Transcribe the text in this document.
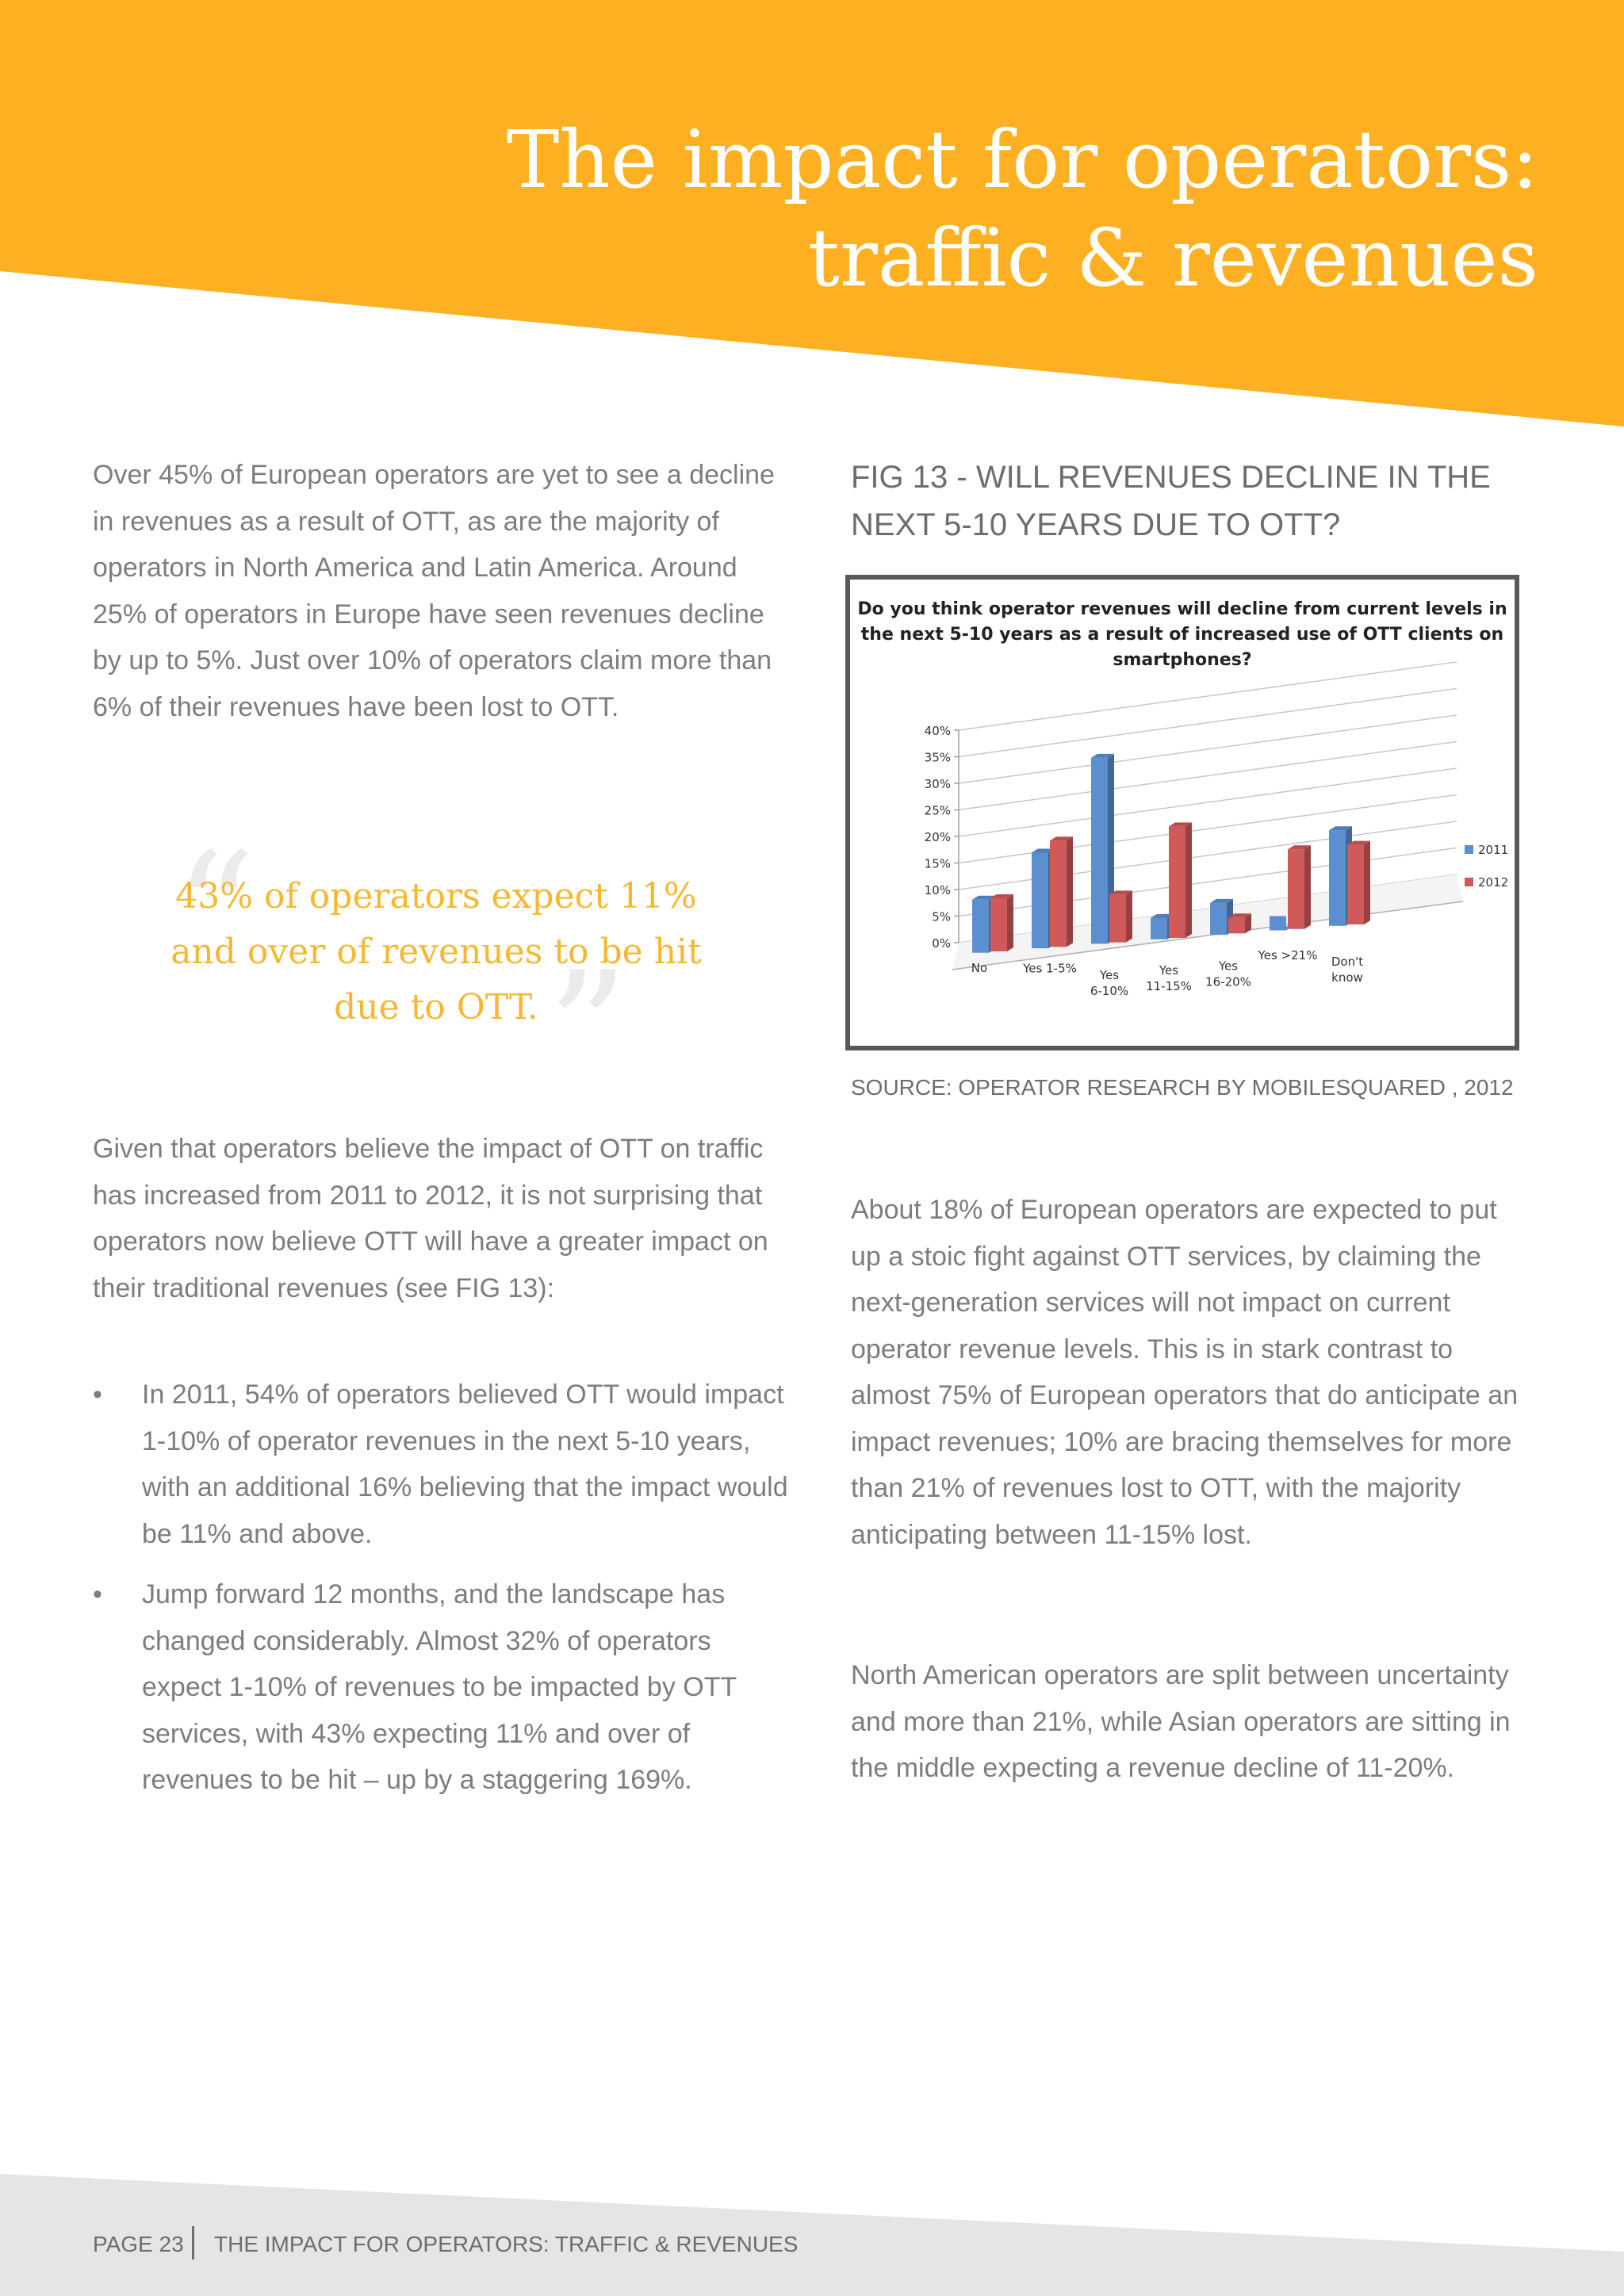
The impact for operators:
traffic & revenues

Over 45% of European operators are yet to see a decline in revenues as a result of OTT, as are the majority of operators in North America and Latin America. Around 25% of operators in Europe have seen revenues decline by up to 5%. Just over 10% of operators claim more than 6% of their revenues have been lost to OTT.

“
”
43% of operators expect 11% and over of revenues to be hit due to OTT.

Given that operators believe the impact of OTT on traffic has increased from 2011 to 2012, it is not surprising that operators now believe OTT will have a greater impact on their traditional revenues (see FIG 13):

• In 2011, 54% of operators believed OTT would impact 1-10% of operator revenues in the next 5-10 years, with an additional 16% believing that the impact would be 11% and above.
• Jump forward 12 months, and the landscape has changed considerably. Almost 32% of operators expect 1-10% of revenues to be impacted by OTT services, with 43% expecting 11% and over of revenues to be hit – up by a staggering 169%.

FIG 13 - WILL REVENUES DECLINE IN THE NEXT 5-10 YEARS DUE TO OTT?

Do you think operator revenues will decline from current levels in the next 5-10 years as a result of increased use of OTT clients on smartphones?
0%
5%
10%
15%
20%
25%
30%
35%
40%
No	Yes 1-5% Yes
6-10%
Yes
11-15%
Yes
16-20%
Yes >21% Don't
know
2011
2012

SOURCE: OPERATOR RESEARCH BY MOBILESQUARED , 2012

About 18% of European operators are expected to put up a stoic fight against OTT services, by claiming the next-generation services will not impact on current operator revenue levels. This is in stark contrast to almost 75% of European operators that do anticipate an impact revenues; 10% are bracing themselves for more than 21% of revenues lost to OTT, with the majority anticipating between 11-15% lost.

North American operators are split between uncertainty and more than 21%, while Asian operators are sitting in the middle expecting a revenue decline of 11-20%.

PAGE 23 THE IMPACT FOR OPERATORS: TRAFFIC & REVENUES
